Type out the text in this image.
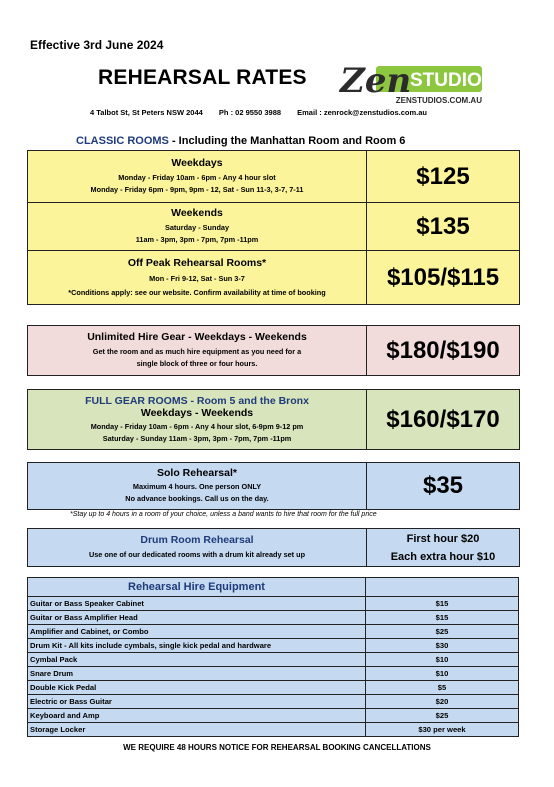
Effective 3rd June 2024
REHEARSAL RATES Zen
STUDIOS
ZENSTUDIOS.COM.AU
4 Talbot St, St Peters NSW 2044 Ph : 02 9550 3988 Email : zenrock@zenstudios.com.au
CLASSIC ROOMS - Including the Manhattan Room and Room 6
Weekdays
Monday - Friday 10am - 6pm - Any 4 hour slot
Monday - Friday 6pm - 9pm, 9pm - 12, Sat - Sun 11-3, 3-7, 7-11	$125

Weekends
Saturday - Sunday
11am - 3pm, 3pm - 7pm, 7pm -11pm	$135

Off Peak Rehearsal Rooms*
Mon - Fri 9-12, Sat - Sun 3-7
*Conditions apply: see our website. Confirm availability at time of booking	$105/$115
Unlimited Hire Gear - Weekdays - Weekends
Get the room and as much hire equipment as you need for a
single block of three or four hours.	$180/$190
FULL GEAR ROOMS - Room 5 and the Bronx
Weekdays - Weekends
Monday - Friday 10am - 6pm - Any 4 hour slot, 6-9pm 9-12 pm
Saturday - Sunday 11am - 3pm, 3pm - 7pm, 7pm -11pm
	$160/$170
Solo Rehearsal*
Maximum 4 hours. One person ONLY
No advance bookings. Call us on the day.	$35
*Stay up to 4 hours in a room of your choice, unless a band wants to hire that room for the full price
Drum Room Rehearsal
Use one of our dedicated rooms with a drum kit already set up

First hour $20
Each extra hour $10
Rehearsal Hire Equipment	
Guitar or Bass Speaker Cabinet	$15
Guitar or Bass Amplifier Head	$15
Amplifier and Cabinet, or Combo	$25
Drum Kit - All kits include cymbals, single kick pedal and hardware	$30
Cymbal Pack	$10
Snare Drum	$10
Double Kick Pedal	$5
Electric or Bass Guitar	$20
Keyboard and Amp	$25
Storage Locker	$30 per week
WE REQUIRE 48 HOURS NOTICE FOR REHEARSAL BOOKING CANCELLATIONS
